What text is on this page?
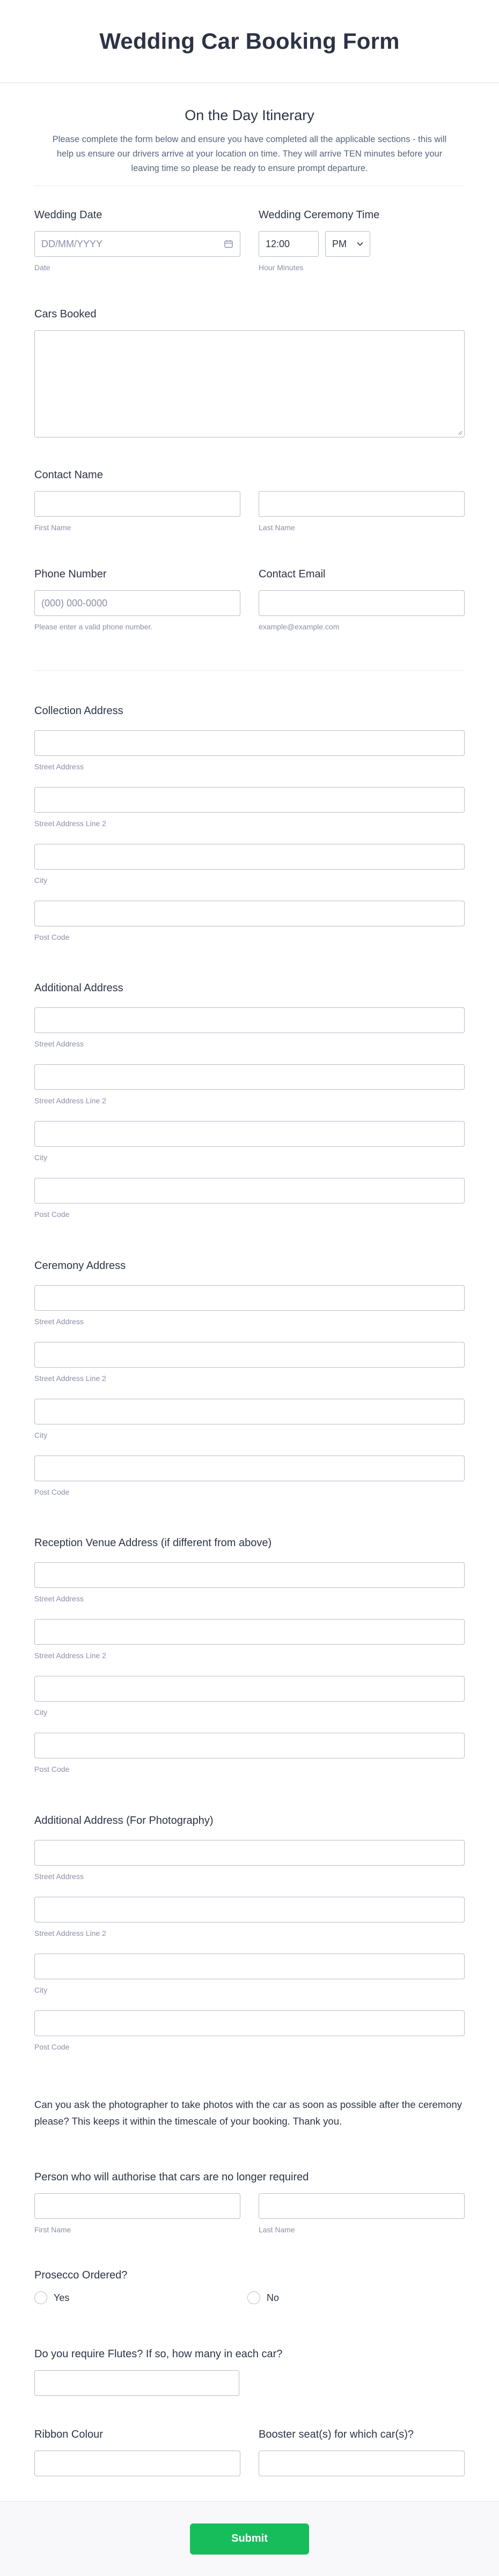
Wedding Car Booking Form
On the Day Itinerary

Please complete the form below and ensure you have completed all the applicable sections - this will help us ensure our drivers arrive at your location on time. They will arrive TEN minutes before your leaving time so please be ready to ensure prompt departure.

Wedding Date
DD/MM/YYYY
Date
Wedding Ceremony Time
12:00	PM
Hour Minutes
Cars Booked
Contact Name
First Name	Last Name
Phone Number
(000) 000-0000
Please enter a valid phone number.
Contact Email
example@example.com
Collection Address
Street Address
Street Address Line 2
City
Post Code
Additional Address
Street Address
Street Address Line 2
City
Post Code
Ceremony Address
Street Address
Street Address Line 2
City
Post Code
Reception Venue Address (if different from above)
Street Address
Street Address Line 2
City
Post Code
Additional Address (For Photography)
Street Address
Street Address Line 2
City
Post Code

Can you ask the photographer to take photos with the car as soon as possible after the ceremony please? This keeps it within the timescale of your booking. Thank you.

Person who will authorise that cars are no longer required
First Name	Last Name
Prosecco Ordered?
Yes	No
Do you require Flutes? If so, how many in each car?
Ribbon Colour	Booster seat(s) for which car(s)?
Submit
